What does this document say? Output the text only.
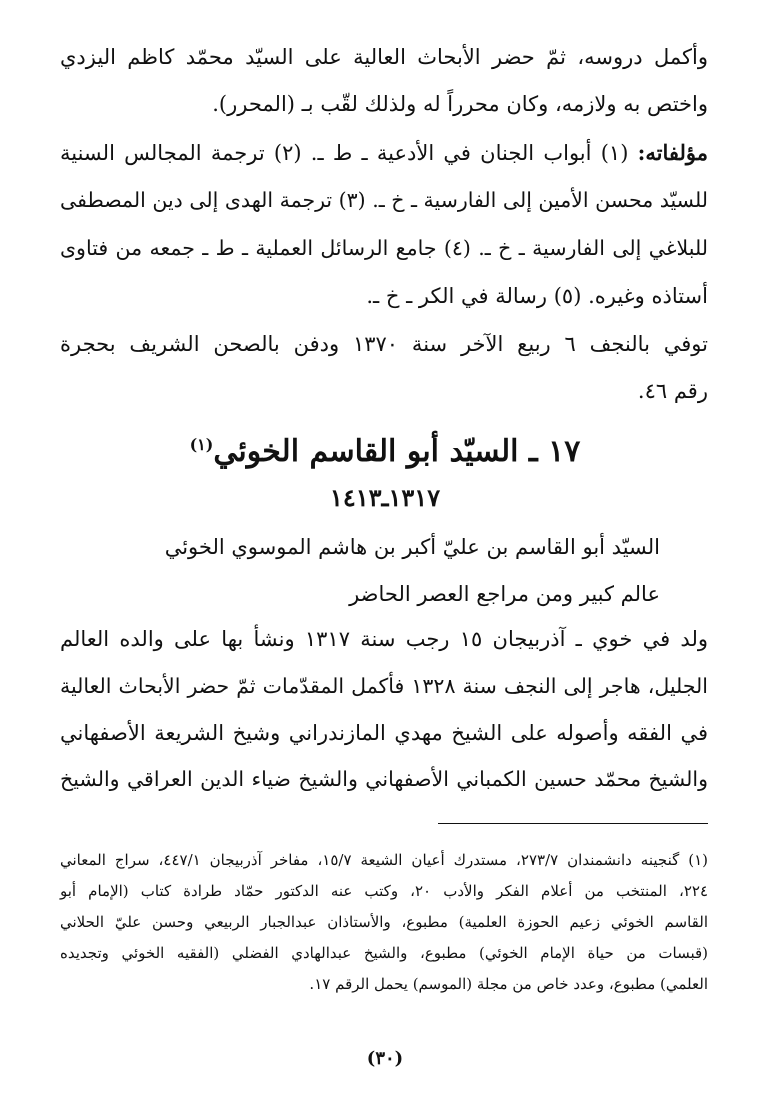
وأكمل دروسه، ثمّ حضر الأبحاث العالية على السيّد محمّد كاظم اليزدي
واختص به ولازمه، وكان محرراً له ولذلك لقّب بـ (المحرر).
مؤلفاته: (١) أبواب الجنان في الأدعية ـ ط ـ. (٢) ترجمة المجالس السنية
للسيّد محسن الأمين إلى الفارسية ـ خ ـ. (٣) ترجمة الهدى إلى دين المصطفى
للبلاغي إلى الفارسية ـ خ ـ. (٤) جامع الرسائل العملية ـ ط ـ جمعه من فتاوى
أستاذه وغيره. (٥) رسالة في الكر ـ خ ـ.
توفي بالنجف ٦ ربيع الآخر سنة ١٣٧٠ ودفن بالصحن الشريف بحجرة
رقم ٤٦.
١٧ ـ السيّد أبو القاسم الخوئي$^{(١)}$
١٣١٧ـ١٤١٣
السيّد أبو القاسم بن عليّ أكبر بن هاشم الموسوي الخوئي
عالم كبير ومن مراجع العصر الحاضر
ولد في خوي ـ آذربيجان ١٥ رجب سنة ١٣١٧ ونشأ بها على والده العالم
الجليل، هاجر إلى النجف سنة ١٣٢٨ فأكمل المقدّمات ثمّ حضر الأبحاث العالية
في الفقه وأصوله على الشيخ مهدي المازندراني وشيخ الشريعة الأصفهاني
والشيخ محمّد حسين الكمباني الأصفهاني والشيخ ضياء الدين العراقي والشيخ
(١) گنجينه دانشمندان ٢٧٣/٧، مستدرك أعيان الشيعة ١٥/٧، مفاخر آذربيجان ٤٤٧/١، سراج المعاني
٢٢٤، المنتخب من أعلام الفكر والأدب ٢٠، وكتب عنه الدكتور حمّاد طرادة كتاب (الإمام أبو
القاسم الخوئي زعيم الحوزة العلمية) مطبوع، والأستاذان عبدالجبار الربيعي وحسن عليّ الحلاني
(قبسات من حياة الإمام الخوئي) مطبوع، والشيخ عبدالهادي الفضلي (الفقيه الخوئي وتجديده
العلمي) مطبوع، وعدد خاص من مجلة (الموسم) يحمل الرقم ١٧.
(٣٠)
